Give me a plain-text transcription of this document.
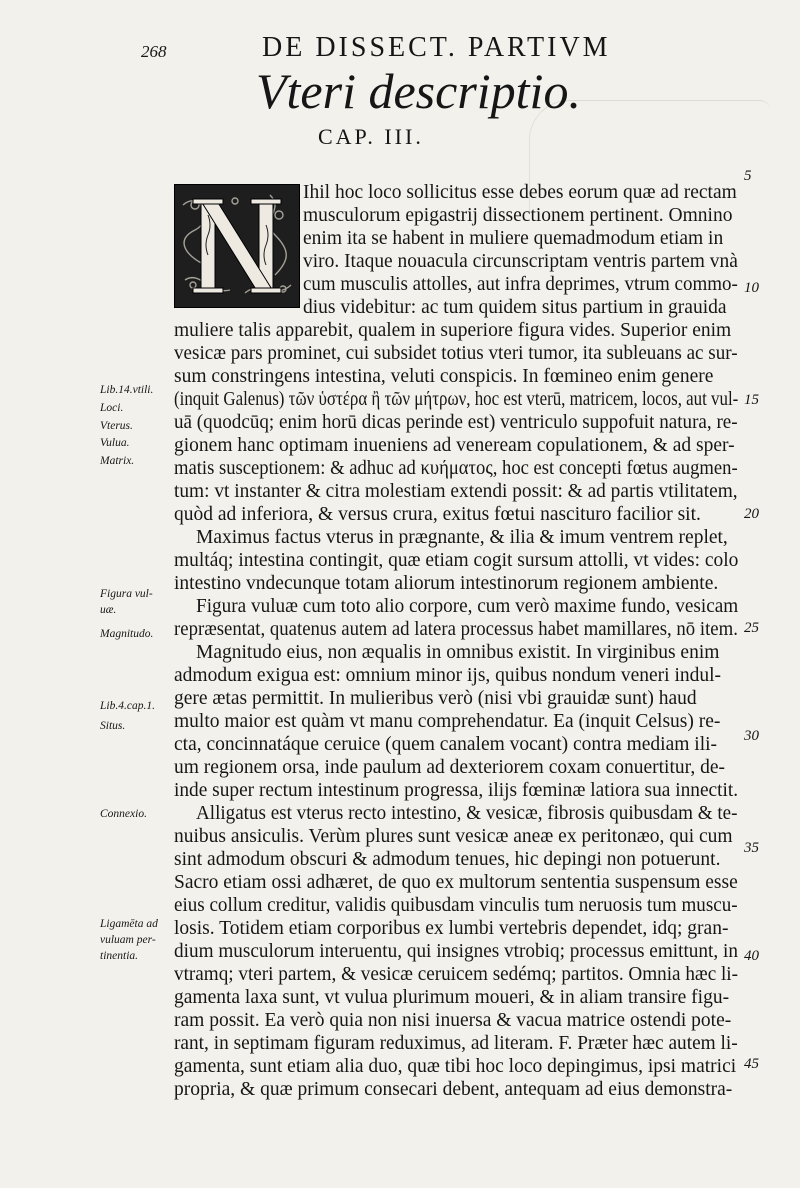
268	DE DISSECT. PARTIVM
Vteri descriptio.
CAP. III.
Ihil hoc loco sollicitus esse debes eorum quæ ad rectam
musculorum epigastrij dissectionem pertinent. Omnino
enim ita se habent in muliere quemadmodum etiam in
viro. Itaque nouacula circunscriptam ventris partem vnà
cum musculis attolles, aut infra deprimes, vtrum commo-
dius videbitur: ac tum quidem situs partium in grauida
muliere talis apparebit, qualem in superiore figura vides. Superior enim
vesicæ pars prominet, cui subsidet totius vteri tumor, ita subleuans ac sur-
sum constringens intestina, veluti conspicis. In fœmineo enim genere
(inquit Galenus) τῶν ὑστέρα ἢ τῶν μήτρων, hoc est vterū, matricem, locos, aut vul-
uā (quodcūq; enim horū dicas perinde est) ventriculo suppofuit natura, re-
gionem hanc optimam inueniens ad veneream copulationem, & ad sper-
matis susceptionem: & adhuc ad κυήματος, hoc est concepti fœtus augmen-
tum: vt instanter & citra molestiam extendi possit: & ad partis vtilitatem,
quòd ad inferiora, & versus crura, exitus fœtui nasciturо facilior sit.
Maximus factus vterus in prægnante, & ilia & imum ventrem replet,
multáq; intestina contingit, quæ etiam cogit sursum attolli, vt vides: colo
intestino vndecunque totam aliorum intestinorum regionem ambiente.
Figura vuluæ cum toto alio corpore, cum verò maxime fundo, vesicam
repræsentat, quatenus autem ad latera processus habet mamillares, nō item.
Magnitudo eius, non æqualis in omnibus existit. In virginibus enim
admodum exigua est: omnium minor ijs, quibus nondum veneri indul-
gere ætas permittit. In mulieribus verò (nisi vbi grauidæ sunt) haud
multo maior est quàm vt manu comprehendatur. Ea (inquit Celsus) re-
cta, concinnatáque ceruice (quem canalem vocant) contra mediam ili-
um regionem orsa, inde paulum ad dexteriorem coxam conuertitur, de-
inde super rectum intestinum progressa, ilijs fœminæ latiora sua innectit.
Alligatus est vterus recto intestino, & vesicæ, fibrosis quibusdam & te-
nuibus ansiculis. Verùm plures sunt vesicæ aneæ ex peritonæo, qui cum
sint admodum obscuri & admodum tenues, hic depingi non potuerunt.
Sacro etiam ossi adhæret, de quo ex multorum sententia suspensum esse
eius collum creditur, validis quibusdam vinculis tum neruosis tum muscu-
losis. Totidem etiam corporibus ex lumbi vertebris dependet, idq; gran-
dium musculorum interuentu, qui insignes vtrobiq; processus emittunt, in
vtramq; vteri partem, & vesicæ ceruicem sedémq; partitos. Omnia hæc li-
gamenta laxa sunt, vt vulua plurimum moueri, & in aliam transire figu-
ram possit. Ea verò quia non nisi inuersa & vacua matrice ostendi pote-
rant, in septimam figuram reduximus, ad literam. F. Præter hæc autem li-
gamenta, sunt etiam alia duo, quæ tibi hoc loco depingimus, ipsi matrici
propria, & quæ primum consecari debent, antequam ad eius demonstra-
Lib.14.vtili.
Loci.
Vterus.
Vulua.
Matrix.
Figura vul-
uæ.
Magnitudo.
Lib.4.cap.1.
Situs.
Connexio.
Ligamēta ad
vuluam per-
tinentia.
5
10
15
20
25
30
35
40
45
